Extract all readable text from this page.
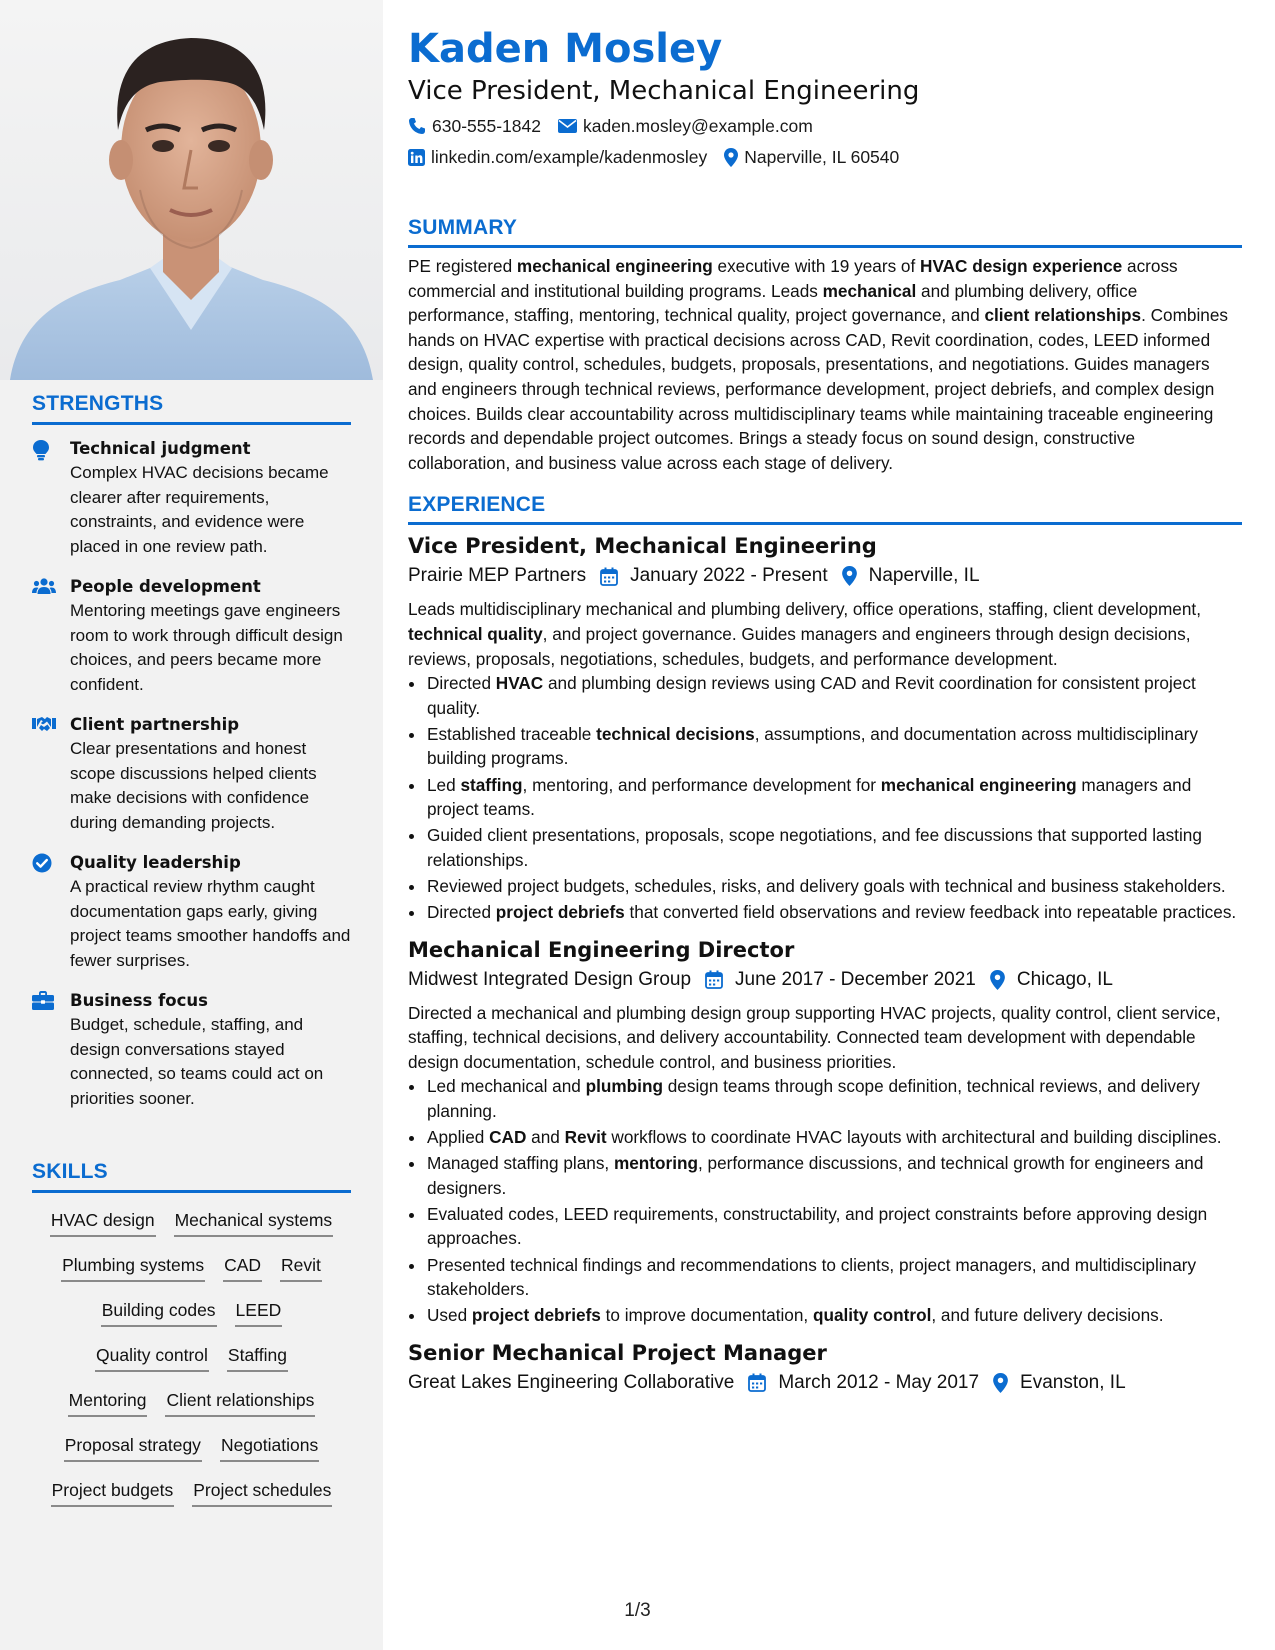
STRENGTHS
Technical judgment
Complex HVAC decisions became clearer after requirements, constraints, and evidence were placed in one review path.
People development
Mentoring meetings gave engineers room to work through difficult design choices, and peers became more confident.
Client partnership
Clear presentations and honest scope discussions helped clients make decisions with confidence during demanding projects.
Quality leadership
A practical review rhythm caught documentation gaps early, giving project teams smoother handoffs and fewer surprises.
Business focus
Budget, schedule, staffing, and design conversations stayed connected, so teams could act on priorities sooner.
SKILLS
HVAC design Mechanical systems
Plumbing systems CAD Revit
Building codes LEED
Quality control Staffing
Mentoring Client relationships
Proposal strategy Negotiations
Project budgets Project schedules
Kaden Mosley
Vice President, Mechanical Engineering
630-555-1842 kaden.mosley@example.com
linkedin.com/example/kadenmosley Naperville, IL 60540
SUMMARY
PE registered mechanical engineering executive with 19 years of HVAC design experience across commercial and institutional building programs. Leads mechanical and plumbing delivery, office performance, staffing, mentoring, technical quality, project governance, and client relationships. Combines hands on HVAC expertise with practical decisions across CAD, Revit coordination, codes, LEED informed design, quality control, schedules, budgets, proposals, presentations, and negotiations. Guides managers and engineers through technical reviews, performance development, project debriefs, and complex design choices. Builds clear accountability across multidisciplinary teams while maintaining traceable engineering records and dependable project outcomes. Brings a steady focus on sound design, constructive collaboration, and business value across each stage of delivery.
EXPERIENCE
Vice President, Mechanical Engineering
Prairie MEP Partners January 2022 - Present Naperville, IL
Leads multidisciplinary mechanical and plumbing delivery, office operations, staffing, client development, technical quality, and project governance. Guides managers and engineers through design decisions, reviews, proposals, negotiations, schedules, budgets, and performance development.
• Directed HVAC and plumbing design reviews using CAD and Revit coordination for consistent project quality.
• Established traceable technical decisions, assumptions, and documentation across multidisciplinary building programs.
• Led staffing, mentoring, and performance development for mechanical engineering managers and project teams.
• Guided client presentations, proposals, scope negotiations, and fee discussions that supported lasting relationships.
• Reviewed project budgets, schedules, risks, and delivery goals with technical and business stakeholders.
• Directed project debriefs that converted field observations and review feedback into repeatable practices.
Mechanical Engineering Director
Midwest Integrated Design Group June 2017 - December 2021 Chicago, IL
Directed a mechanical and plumbing design group supporting HVAC projects, quality control, client service, staffing, technical decisions, and delivery accountability. Connected team development with dependable design documentation, schedule control, and business priorities.
• Led mechanical and plumbing design teams through scope definition, technical reviews, and delivery planning.
• Applied CAD and Revit workflows to coordinate HVAC layouts with architectural and building disciplines.
• Managed staffing plans, mentoring, performance discussions, and technical growth for engineers and designers.
• Evaluated codes, LEED requirements, constructability, and project constraints before approving design approaches.
• Presented technical findings and recommendations to clients, project managers, and multidisciplinary stakeholders.
• Used project debriefs to improve documentation, quality control, and future delivery decisions.
Senior Mechanical Project Manager
Great Lakes Engineering Collaborative March 2012 - May 2017 Evanston, IL
1/3
